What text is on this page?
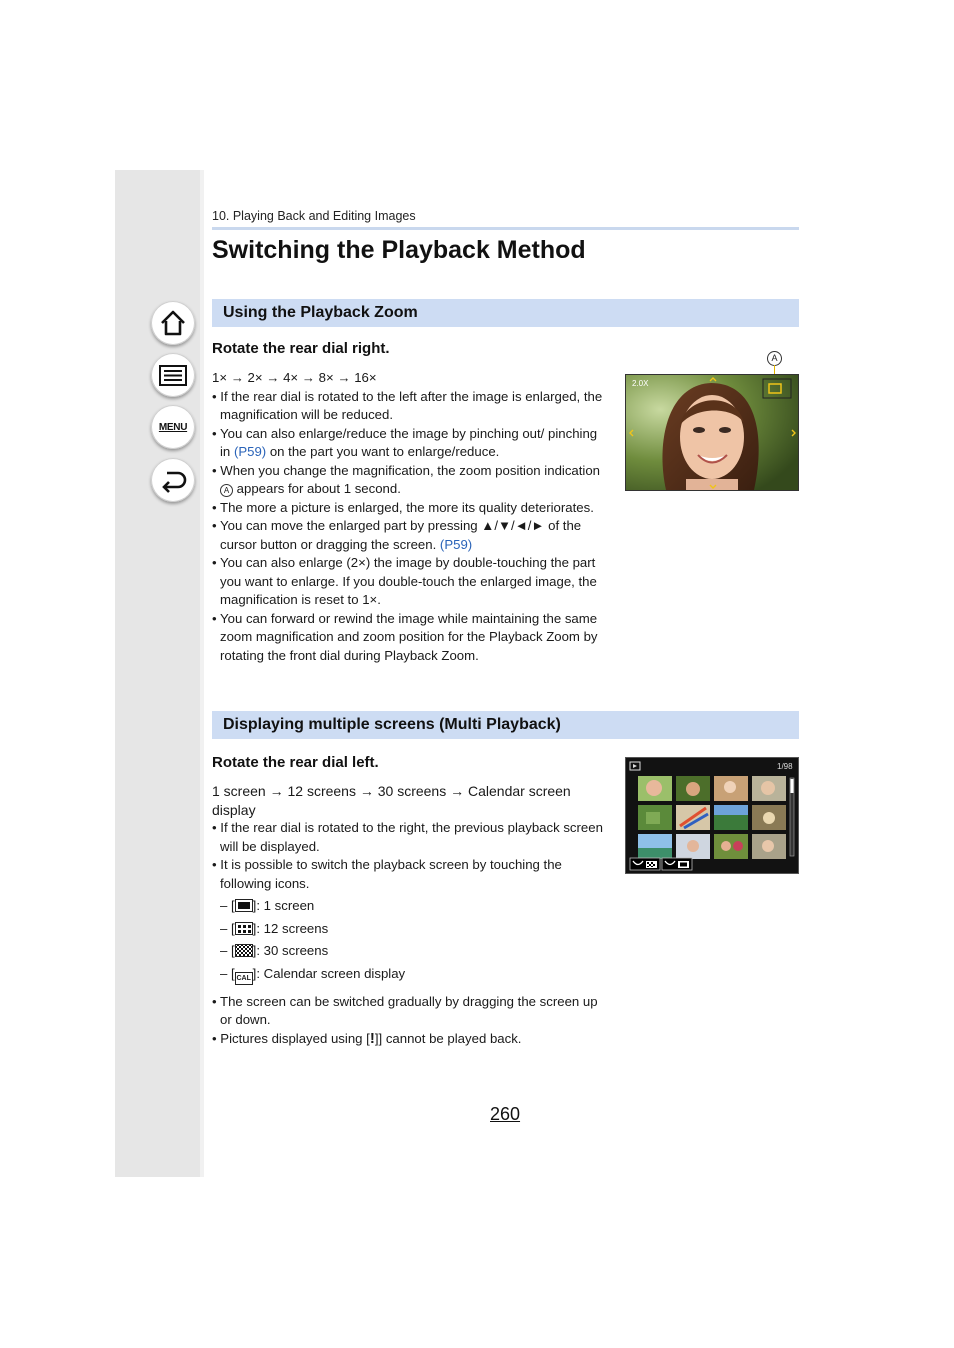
MENU
10. Playing Back and Editing Images
Switching the Playback Method
Using the Playback Zoom
Rotate the rear dial right.

1× → 2× → 4× → 8× → 16×

• If the rear dial is rotated to the left after the image is enlarged, the magnification will be reduced.

• You can also enlarge/reduce the image by pinching out/ pinching in (P59) on the part you want to enlarge/reduce.

• When you change the magnification, the zoom position indication A appears for about 1 second.

• The more a picture is enlarged, the more its quality deteriorates.

• You can move the enlarged part by pressing ▲/▼/◄/► of the cursor button or dragging the screen. (P59)

• You can also enlarge (2×) the image by double-touching the part you want to enlarge. If you double-touch the enlarged image, the magnification is reset to 1×.

• You can forward or rewind the image while maintaining the same zoom magnification and zoom position for the Playback Zoom by rotating the front dial during Playback Zoom.

A
2.0X
Displaying multiple screens (Multi Playback)
Rotate the rear dial left.

1 screen → 12 screens → 30 screens → Calendar screen display

• If the rear dial is rotated to the right, the previous playback screen will be displayed.

• It is possible to switch the playback screen by touching the following icons.

– [ ]: 1 screen

– [ ]: 12 screens

– [ ]: 30 screens

– [ CAL ]: Calendar screen display

• The screen can be switched gradually by dragging the screen up or down.

• Pictures displayed using [!]] cannot be played back.

1/98
260
